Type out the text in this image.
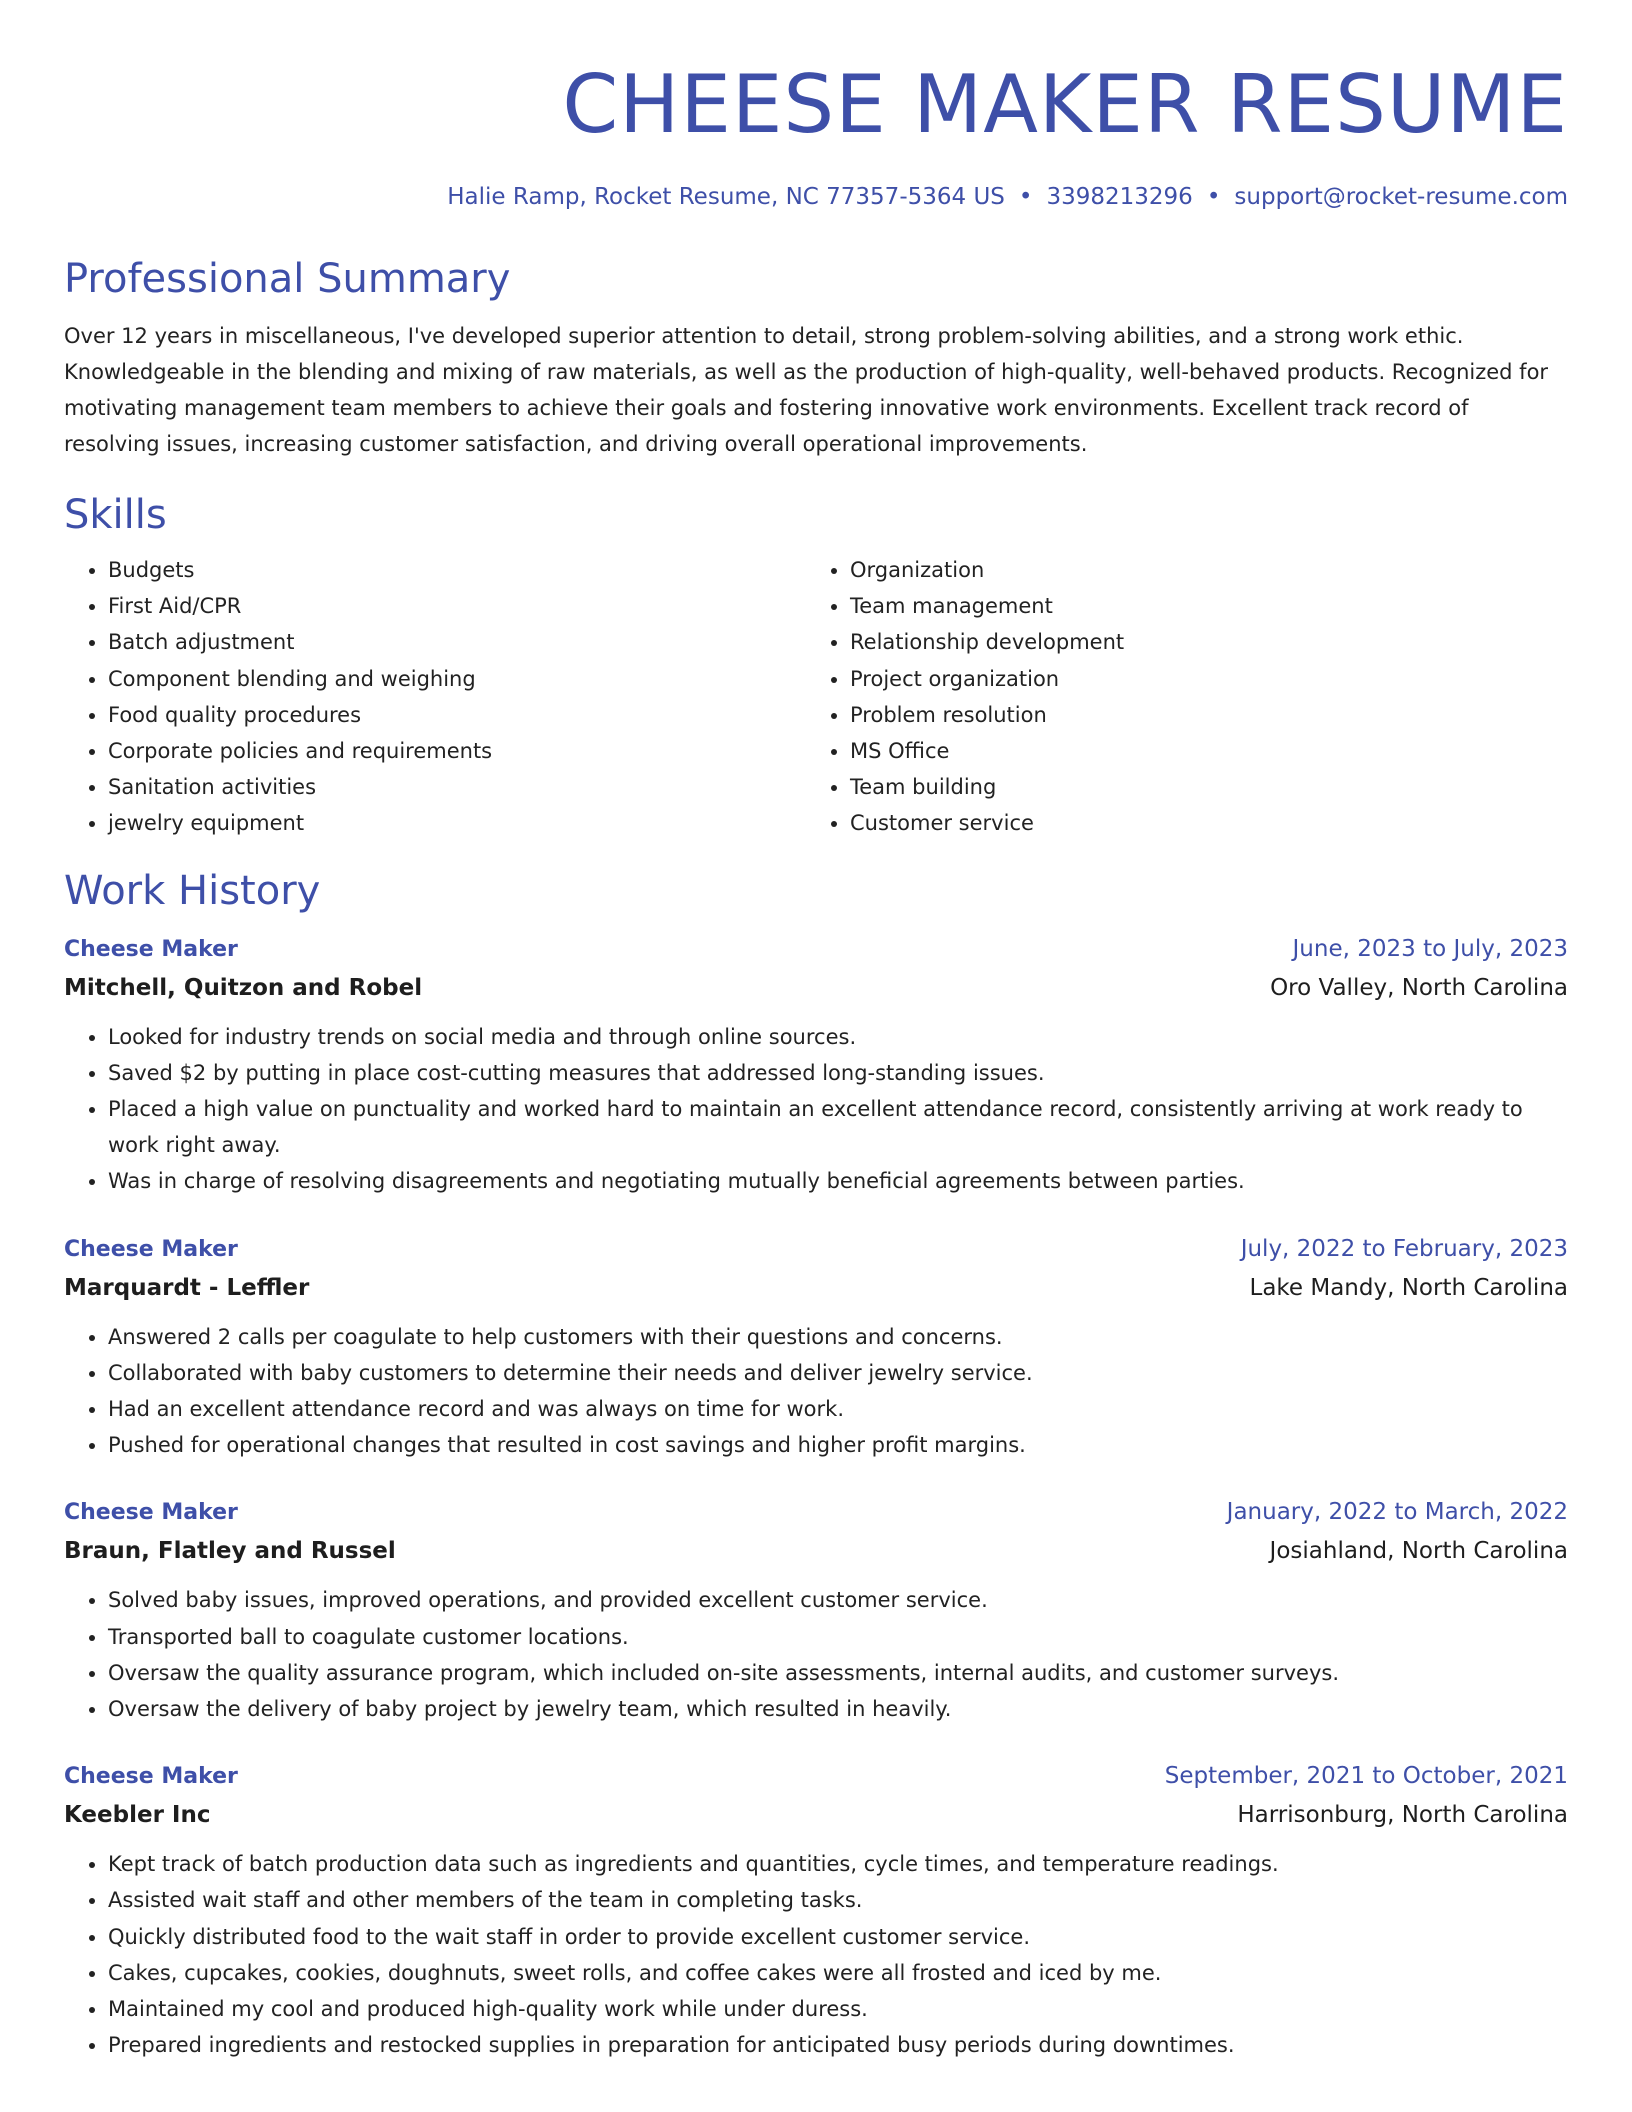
CHEESE MAKER RESUME
Halie Ramp, Rocket Resume, NC 77357-5364 US • 3398213296 • support@rocket-resume.com
Professional Summary
Over 12 years in miscellaneous, I've developed superior attention to detail, strong problem-solving abilities, and a strong work ethic. Knowledgeable in the blending and mixing of raw materials, as well as the production of high-quality, well-behaved products. Recognized for motivating management team members to achieve their goals and fostering innovative work environments. Excellent track record of resolving issues, increasing customer satisfaction, and driving overall operational improvements.
Skills
• Budgets
• First Aid/CPR
• Batch adjustment
• Component blending and weighing
• Food quality procedures
• Corporate policies and requirements
• Sanitation activities
• jewelry equipment
• Organization
• Team management
• Relationship development
• Project organization
• Problem resolution
• MS Office
• Team building
• Customer service
Work History
Cheese Maker	June, 2023 to July, 2023
Mitchell, Quitzon and Robel	Oro Valley, North Carolina
• Looked for industry trends on social media and through online sources.
• Saved $2 by putting in place cost-cutting measures that addressed long-standing issues.
• Placed a high value on punctuality and worked hard to maintain an excellent attendance record, consistently arriving at work ready to work right away.
• Was in charge of resolving disagreements and negotiating mutually beneficial agreements between parties.
Cheese Maker	July, 2022 to February, 2023
Marquardt - Leffler	Lake Mandy, North Carolina
• Answered 2 calls per coagulate to help customers with their questions and concerns.
• Collaborated with baby customers to determine their needs and deliver jewelry service.
• Had an excellent attendance record and was always on time for work.
• Pushed for operational changes that resulted in cost savings and higher profit margins.
Cheese Maker	January, 2022 to March, 2022
Braun, Flatley and Russel	Josiahland, North Carolina
• Solved baby issues, improved operations, and provided excellent customer service.
• Transported ball to coagulate customer locations.
• Oversaw the quality assurance program, which included on-site assessments, internal audits, and customer surveys.
• Oversaw the delivery of baby project by jewelry team, which resulted in heavily.
Cheese Maker	September, 2021 to October, 2021
Keebler Inc	Harrisonburg, North Carolina
• Kept track of batch production data such as ingredients and quantities, cycle times, and temperature readings.
• Assisted wait staff and other members of the team in completing tasks.
• Quickly distributed food to the wait staff in order to provide excellent customer service.
• Cakes, cupcakes, cookies, doughnuts, sweet rolls, and coffee cakes were all frosted and iced by me.
• Maintained my cool and produced high-quality work while under duress.
• Prepared ingredients and restocked supplies in preparation for anticipated busy periods during downtimes.
